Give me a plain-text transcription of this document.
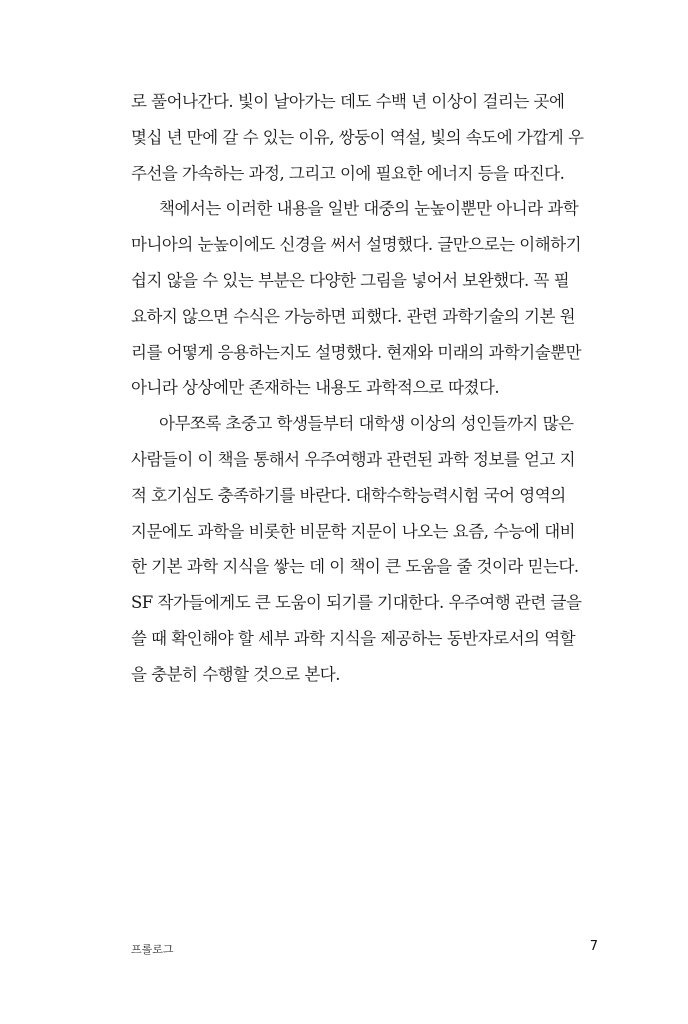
로 풀어나간다. 빛이 날아가는 데도 수백 년 이상이 걸리는 곳에
몇십 년 만에 갈 수 있는 이유, 쌍둥이 역설, 빛의 속도에 가깝게 우
주선을 가속하는 과정, 그리고 이에 필요한 에너지 등을 따진다.
책에서는 이러한 내용을 일반 대중의 눈높이뿐만 아니라 과학
마니아의 눈높이에도 신경을 써서 설명했다. 글만으로는 이해하기
쉽지 않을 수 있는 부분은 다양한 그림을 넣어서 보완했다. 꼭 필
요하지 않으면 수식은 가능하면 피했다. 관련 과학기술의 기본 원
리를 어떻게 응용하는지도 설명했다. 현재와 미래의 과학기술뿐만
아니라 상상에만 존재하는 내용도 과학적으로 따졌다.
아무쪼록 초중고 학생들부터 대학생 이상의 성인들까지 많은
사람들이 이 책을 통해서 우주여행과 관련된 과학 정보를 얻고 지
적 호기심도 충족하기를 바란다. 대학수학능력시험 국어 영역의
지문에도 과학을 비롯한 비문학 지문이 나오는 요즘, 수능에 대비
한 기본 과학 지식을 쌓는 데 이 책이 큰 도움을 줄 것이라 믿는다.
SF 작가들에게도 큰 도움이 되기를 기대한다. 우주여행 관련 글을
쓸 때 확인해야 할 세부 과학 지식을 제공하는 동반자로서의 역할
을 충분히 수행할 것으로 본다.
프롤로그	7
